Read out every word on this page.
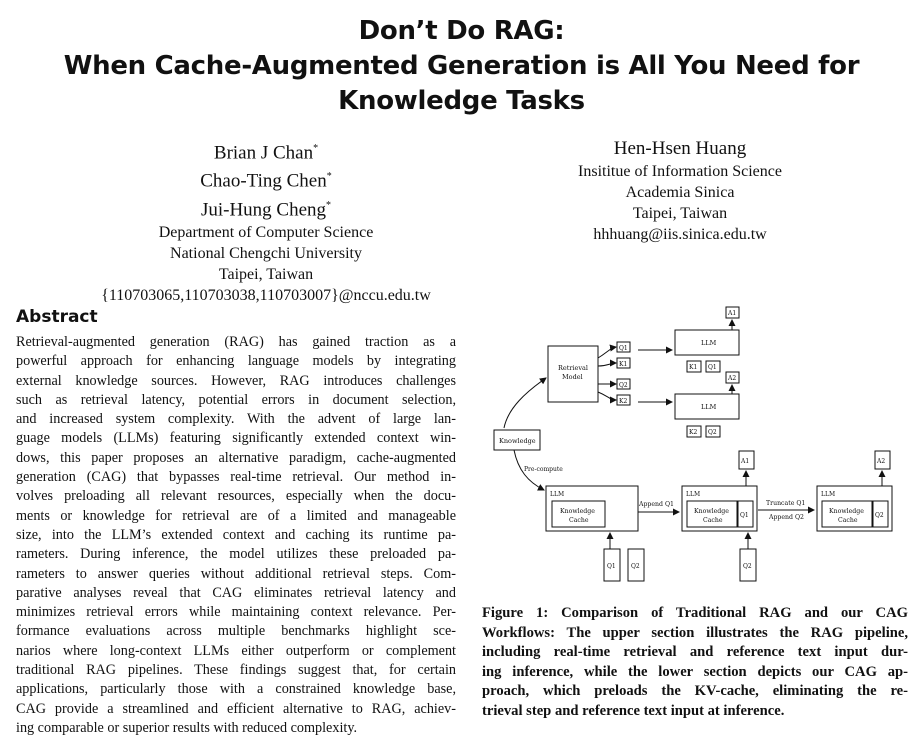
Don’t Do RAG:
When Cache-Augmented Generation is All You Need for
Knowledge Tasks
Brian J Chan*
Chao-Ting Chen*
Jui-Hung Cheng*
Department of Computer Science
National Chengchi University
Taipei, Taiwan
{110703065,110703038,110703007}@nccu.edu.tw
Hen-Hsen Huang
Insititue of Information Science
Academia Sinica
Taipei, Taiwan
hhhuang@iis.sinica.edu.tw
Abstract
Retrieval-augmented generation (RAG) has gained traction as a
powerful approach for enhancing language models by integrating
external knowledge sources. However, RAG introduces challenges
such as retrieval latency, potential errors in document selection,
and increased system complexity. With the advent of large lan-
guage models (LLMs) featuring significantly extended context win-
dows, this paper proposes an alternative paradigm, cache-augmented
generation (CAG) that bypasses real-time retrieval. Our method in-
volves preloading all relevant resources, especially when the docu-
ments or knowledge for retrieval are of a limited and manageable
size, into the LLM’s extended context and caching its runtime pa-
rameters. During inference, the model utilizes these preloaded pa-
rameters to answer queries without additional retrieval steps. Com-
parative analyses reveal that CAG eliminates retrieval latency and
minimizes retrieval errors while maintaining context relevance. Per-
formance evaluations across multiple benchmarks highlight sce-
narios where long-context LLMs either outperform or complement
traditional RAG pipelines. These findings suggest that, for certain
applications, particularly those with a constrained knowledge base,
CAG provide a streamlined and efficient alternative to RAG, achiev-
ing comparable or superior results with reduced complexity.
Retrieval
Model
Knowledge
LLM
LLM
Q1
K1
Q2
K2
K1 Q1
A1
A2
K2 Q2
Pre-compute
LLM
Knowledge
Cache
LLM
Knowledge
Cache
Q1
LLM
Knowledge
Cache
Q2
Append Q1	Truncate Q1
Append Q2
A1	A2
Q1	Q2	Q2
Figure 1: Comparison of Traditional RAG and our CAG
Workflows: The upper section illustrates the RAG pipeline,
including real-time retrieval and reference text input dur-
ing inference, while the lower section depicts our CAG ap-
proach, which preloads the KV-cache, eliminating the re-
trieval step and reference text input at inference.
